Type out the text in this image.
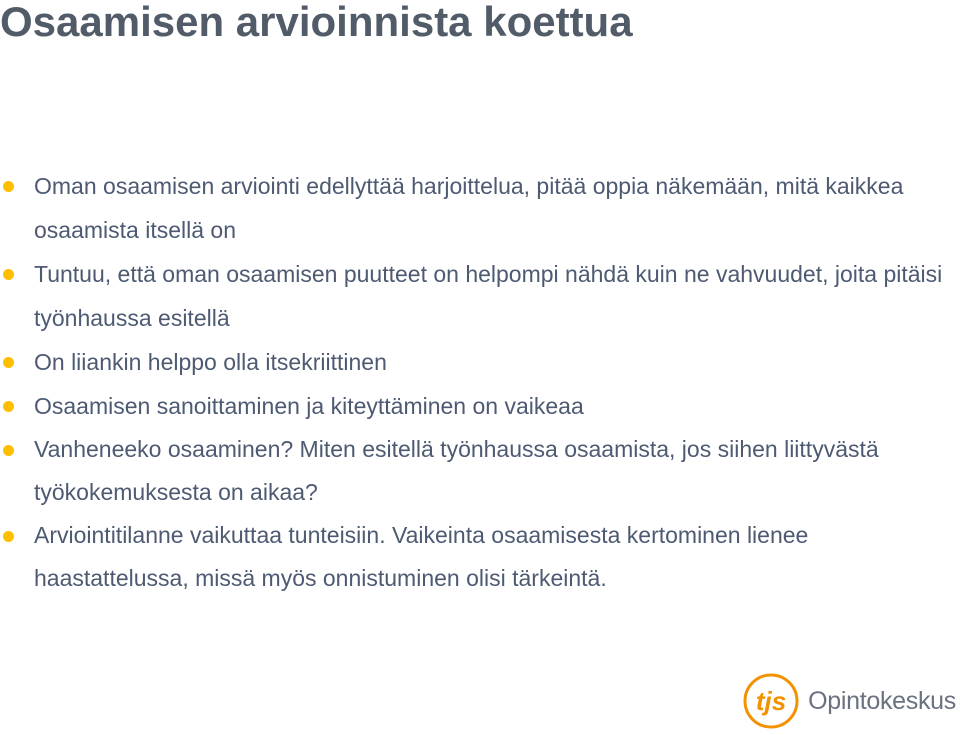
Osaamisen arvioinnista koettua
Oman osaamisen arviointi edellyttää harjoittelua, pitää oppia näkemään, mitä kaikkea osaamista itsellä on
Tuntuu, että oman osaamisen puutteet on helpompi nähdä kuin ne vahvuudet, joita pitäisi työnhaussa esitellä
On liiankin helppo olla itsekriittinen
Osaamisen sanoittaminen ja kiteyttäminen on vaikeaa
Vanheneeko osaaminen? Miten esitellä työnhaussa osaamista, jos siihen liittyvästä työkokemuksesta on aikaa?
Arviointitilanne vaikuttaa tunteisiin. Vaikeinta osaamisesta kertominen lienee haastattelussa, missä myös onnistuminen olisi tärkeintä.
tjs Opintokeskus
